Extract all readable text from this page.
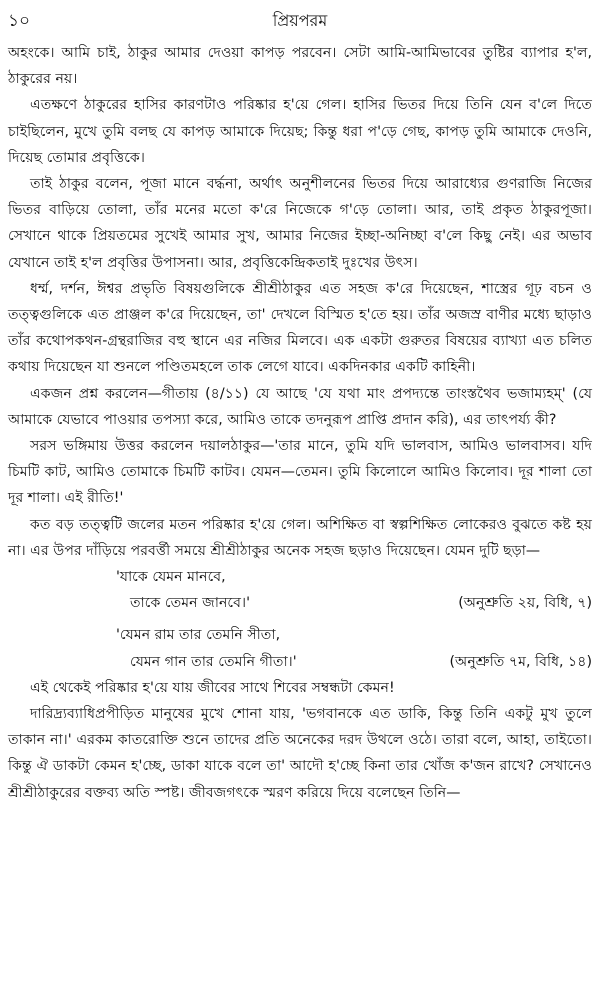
১০	প্রিয়পরম

অহংকে। আমি চাই, ঠাকুর আমার দেওয়া কাপড় পরবেন। সেটা আমি-আমিভাবের তুষ্টির ব্যাপার হ'ল, ঠাকুরের নয়।

এতক্ষণে ঠাকুরের হাসির কারণটাও পরিষ্কার হ'য়ে গেল। হাসির ভিতর দিয়ে তিনি যেন ব'লে দিতে চাইছিলেন, মুখে তুমি বলছ যে কাপড় আমাকে দিয়েছ; কিন্তু ধরা প'ড়ে গেছ, কাপড় তুমি আমাকে দেওনি, দিয়েছ তোমার প্রবৃত্তিকে।

তাই ঠাকুর বলেন, পূজা মানে বর্দ্ধনা, অর্থাৎ অনুশীলনের ভিতর দিয়ে আরাধ্যের গুণরাজি নিজের ভিতর বাড়িয়ে তোলা, তাঁর মনের মতো ক'রে নিজেকে গ'ড়ে তোলা। আর, তাই প্রকৃত ঠাকুরপূজা। সেখানে থাকে প্রিয়তমের সুখেই আমার সুখ, আমার নিজের ইচ্ছা-অনিচ্ছা ব'লে কিছু নেই। এর অভাব যেখানে তাই হ'ল প্রবৃত্তির উপাসনা। আর, প্রবৃত্তিকেন্দ্রিকতাই দুঃখের উৎস।

ধর্ম্ম, দর্শন, ঈশ্বর প্রভৃতি বিষয়গুলিকে শ্রীশ্রীঠাকুর এত সহজ ক'রে দিয়েছেন, শাস্ত্রের গূঢ় বচন ও তত্ত্বগুলিকে এত প্রাঞ্জল ক'রে দিয়েছেন, তা' দেখলে বিস্মিত হ'তে হয়। তাঁর অজস্র বাণীর মধ্যে ছাড়াও তাঁর কথোপকথন-গ্রন্থরাজির বহু স্থানে এর নজির মিলবে। এক একটা গুরুতর বিষয়ের ব্যাখ্যা এত চলিত কথায় দিয়েছেন যা শুনলে পণ্ডিতমহলে তাক লেগে যাবে। একদিনকার একটি কাহিনী।

একজন প্রশ্ন করলেন—গীতায় (৪/১১) যে আছে 'যে যথা মাং প্রপদ্যন্তে তাংস্তথৈব ভজাম্যহম্' (যে আমাকে যেভাবে পাওয়ার তপস্যা করে, আমিও তাকে তদনুরূপ প্রাপ্তি প্রদান করি), এর তাৎপর্য্য কী?

সরস ভঙ্গিমায় উত্তর করলেন দয়ালঠাকুর—'তার মানে, তুমি যদি ভালবাস, আমিও ভালবাসব। যদি চিমটি কাট, আমিও তোমাকে চিমটি কাটব। যেমন—তেমন। তুমি কিলোলে আমিও কিলোব। দূর শালা তো দূর শালা। এই রীতি!'

কত বড় তত্ত্বটি জলের মতন পরিষ্কার হ'য়ে গেল। অশিক্ষিত বা স্বল্পশিক্ষিত লোকেরও বুঝতে কষ্ট হয় না। এর উপর দাঁড়িয়ে পরবর্ত্তী সময়ে শ্রীশ্রীঠাকুর অনেক সহজ ছড়াও দিয়েছেন। যেমন দুটি ছড়া—

'যাকে যেমন মানবে,
তাকে তেমন জানবে।'	(অনুশ্রুতি ২য়, বিধি, ৭)
'যেমন রাম তার তেমনি সীতা,
যেমন গান তার তেমনি গীতা।'	(অনুশ্রুতি ৭ম, বিধি, ১৪)

এই থেকেই পরিষ্কার হ'য়ে যায় জীবের সাথে শিবের সম্বন্ধটা কেমন!

দারিদ্র্যব্যাধিপ্রপীড়িত মানুষের মুখে শোনা যায়, 'ভগবানকে এত ডাকি, কিন্তু তিনি একটু মুখ তুলে তাকান না।' এরকম কাতরোক্তি শুনে তাদের প্রতি অনেকের দরদ উথলে ওঠে। তারা বলে, আহা, তাইতো। কিন্তু ঐ ডাকটা কেমন হ'চ্ছে, ডাকা যাকে বলে তা' আদৌ হ'চ্ছে কিনা তার খোঁজ ক'জন রাখে? সেখানেও শ্রীশ্রীঠাকুরের বক্তব্য অতি স্পষ্ট। জীবজগৎকে স্মরণ করিয়ে দিয়ে বলেছেন তিনি—
